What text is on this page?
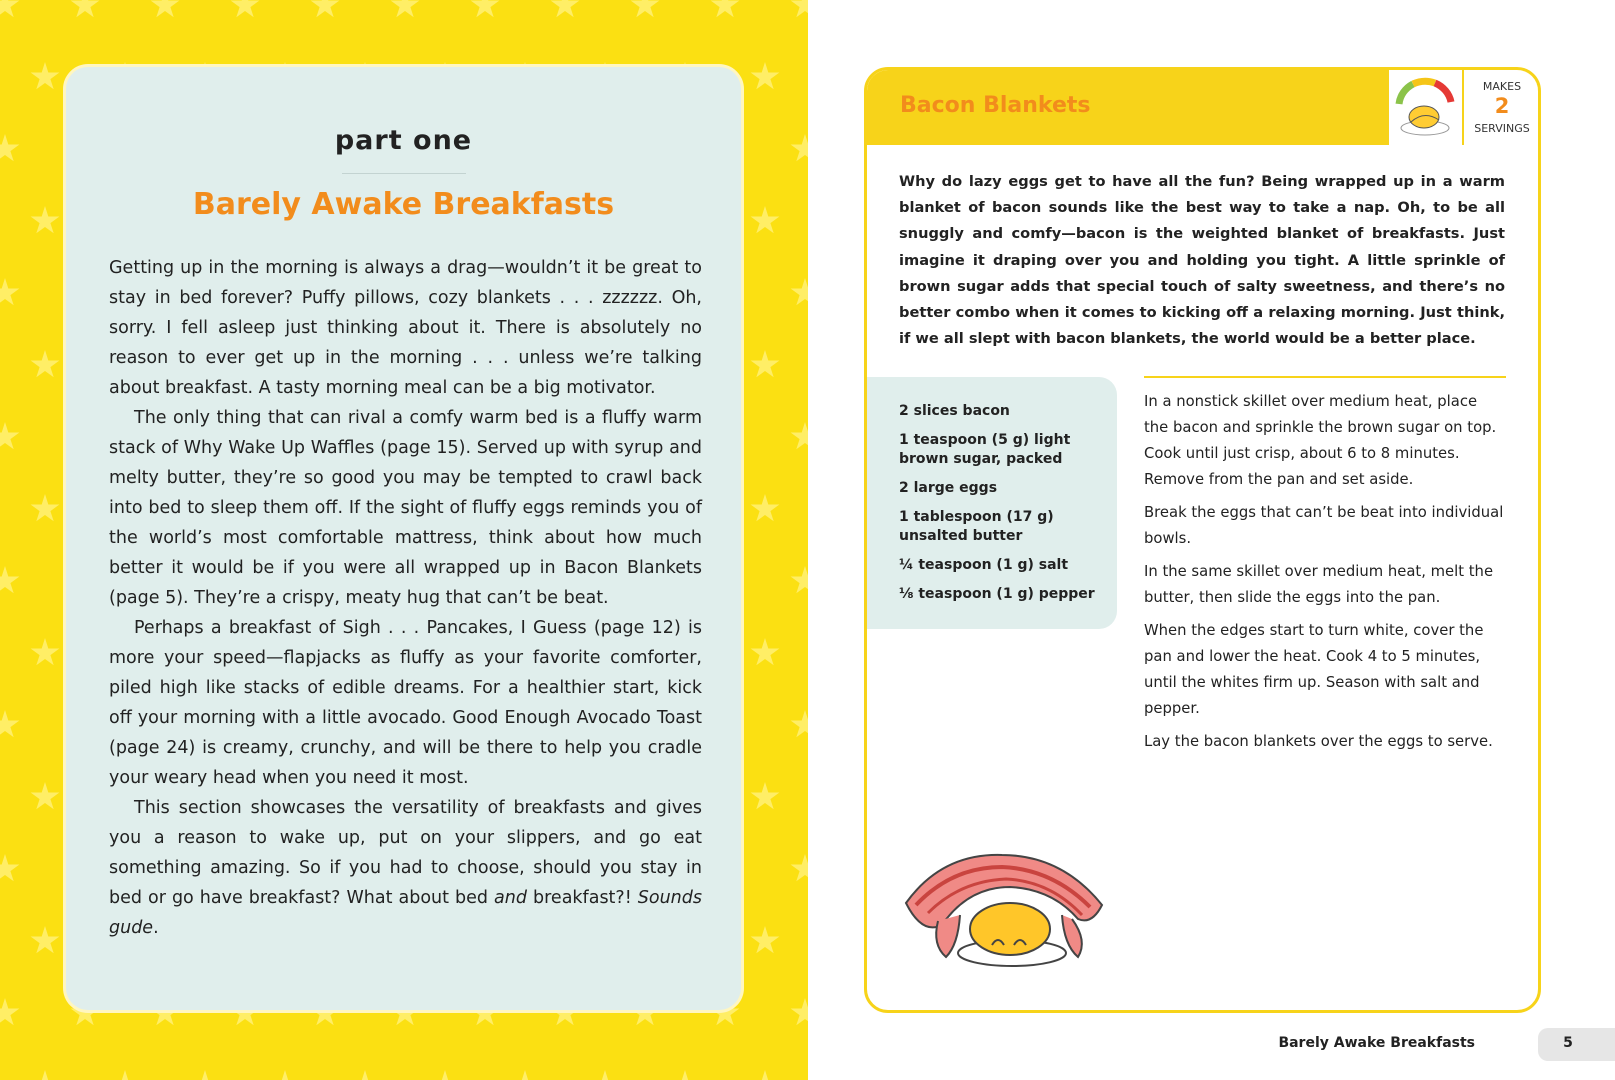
part one
Barely Awake Breakfasts

Getting up in the morning is always a drag—wouldn’t it be great to stay in bed forever? Puffy pillows, cozy blankets . . . zzzzzz. Oh, sorry. I fell asleep just thinking about it. There is absolutely no reason to ever get up in the morning . . . unless we’re talking about breakfast. A tasty morning meal can be a big motivator.

The only thing that can rival a comfy warm bed is a fluffy warm stack of Why Wake Up Waffles (page 15). Served up with syrup and melty butter, they’re so good you may be tempted to crawl back into bed to sleep them off. If the sight of fluffy eggs reminds you of the world’s most comfortable mattress, think about how much better it would be if you were all wrapped up in Bacon Blankets (page 5). They’re a crispy, meaty hug that can’t be beat.

Perhaps a breakfast of Sigh . . . Pancakes, I Guess (page 12) is more your speed—flapjacks as fluffy as your favorite comforter, piled high like stacks of edible dreams. For a healthier start, kick off your morning with a little avocado. Good Enough Avocado Toast (page 24) is creamy, crunchy, and will be there to help you cradle your weary head when you need it most.

This section showcases the versatility of breakfasts and gives you a reason to wake up, put on your slippers, and go eat something amazing. So if you had to choose, should you stay in bed or go have breakfast? What about bed and breakfast?! Sounds gude.

Bacon Blankets
MAKES
2
SERVINGS
Why do lazy eggs get to have all the fun? Being wrapped up in a warm blanket of bacon sounds like the best way to take a nap. Oh, to be all snuggly and comfy—bacon is the weighted blanket of breakfasts. Just imagine it draping over you and holding you tight. A little sprinkle of brown sugar adds that special touch of salty sweetness, and there’s no better combo when it comes to kicking off a relaxing morning. Just think, if we all slept with bacon blankets, the world would be a better place.
2 slices bacon
1 teaspoon (5 g) light brown sugar, packed
2 large eggs
1 tablespoon (17 g) unsalted butter
¼ teaspoon (1 g) salt
⅛ teaspoon (1 g) pepper

In a nonstick skillet over medium heat, place the bacon and sprinkle the brown sugar on top. Cook until just crisp, about 6 to 8 minutes. Remove from the pan and set aside.

Break the eggs that can’t be beat into individual bowls.

In the same skillet over medium heat, melt the butter, then slide the eggs into the pan.

When the edges start to turn white, cover the pan and lower the heat. Cook 4 to 5 minutes, until the whites firm up. Season with salt and pepper.

Lay the bacon blankets over the eggs to serve.

Barely Awake Breakfasts	5
